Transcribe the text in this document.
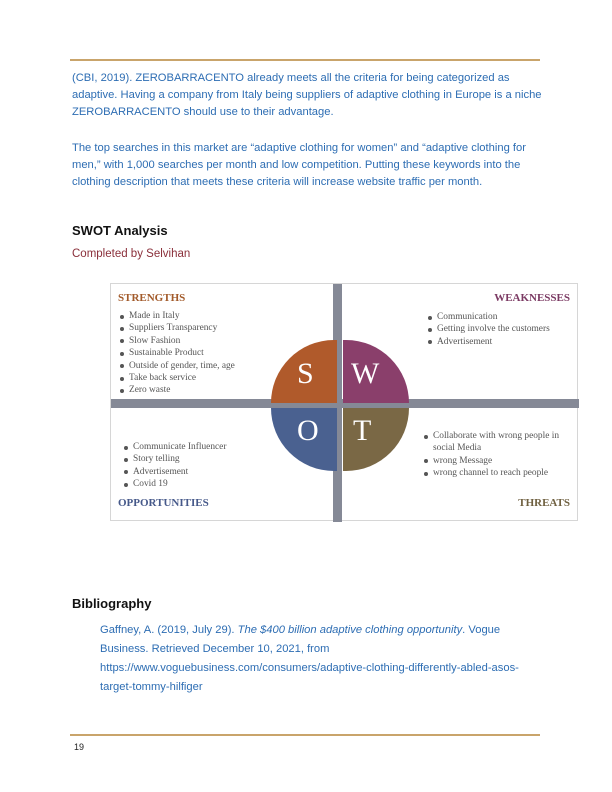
(CBI, 2019). ZEROBARRACENTO already meets all the criteria for being categorized as adaptive. Having a company from Italy being suppliers of adaptive clothing in Europe is a niche ZEROBARRACENTO should use to their advantage.

The top searches in this market are “adaptive clothing for women” and “adaptive clothing for men,” with 1,000 searches per month and low competition. Putting these keywords into the clothing description that meets these criteria will increase website traffic per month.

SWOT Analysis

Completed by Selvihan

S W
O T

STRENGTHS	WEAKNESSES

OPPORTUNITIES	THREATS

Made in Italy
Suppliers Transparency
Slow Fashion
Sustainable Product
Outside of gender, time, age
Take back service
Zero waste
Communication
Getting involve the customers
Advertisement
Communicate Influencer
Story telling
Advertisement
Covid 19
Collaborate with wrong people in social Media
wrong Message
wrong channel to reach people
Bibliography

Gaffney, A. (2019, July 29). The $400 billion adaptive clothing opportunity. Vogue Business. Retrieved December 10, 2021, from https://www.voguebusiness.com/consumers/adaptive-clothing-differently-abled-asos-target-tommy-hilfiger

19
